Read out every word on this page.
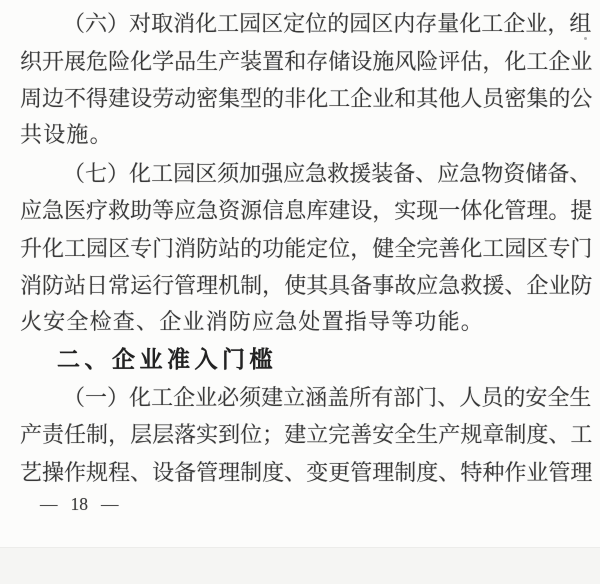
（ 六 ） 对 取 消 化 工 园 区 定 位 的 园 区 内 存 量 化 工 企 业 ， 组
织 开 展 危 险 化 学 品 生 产 装 置 和 存 储 设 施 风 险 评 估 ， 化 工 企 业
周 边 不 得 建 设 劳 动 密 集 型 的 非 化 工 企 业 和 其 他 人 员 密 集 的 公
共设施。
（ 七 ） 化 工 园 区 须 加 强 应 急 救 援 装 备 、 应 急 物 资 储 备 、
应 急 医 疗 救 助 等 应 急 资 源 信 息 库 建 设 ， 实 现 一 体 化 管 理 。 提
升 化 工 园 区 专 门 消 防 站 的 功 能 定 位 ， 健 全 完 善 化 工 园 区 专 门
消 防 站 日 常 运 行 管 理 机 制 ， 使 其 具 备 事 故 应 急 救 援 、 企 业 防
火安全检查、企业消防应急处置指导等功能。
二、企业准入门槛
（ 一 ） 化 工 企 业 必 须 建 立 涵 盖 所 有 部 门 、 人 员 的 安 全 生
产 责 任 制 ， 层 层 落 实 到 位 ； 建 立 完 善 安 全 生 产 规 章 制 度 、 工
艺 操 作 规 程 、 设 备 管 理 制 度 、 变 更 管 理 制 度 、 特 种 作 业 管 理
— 18 —
